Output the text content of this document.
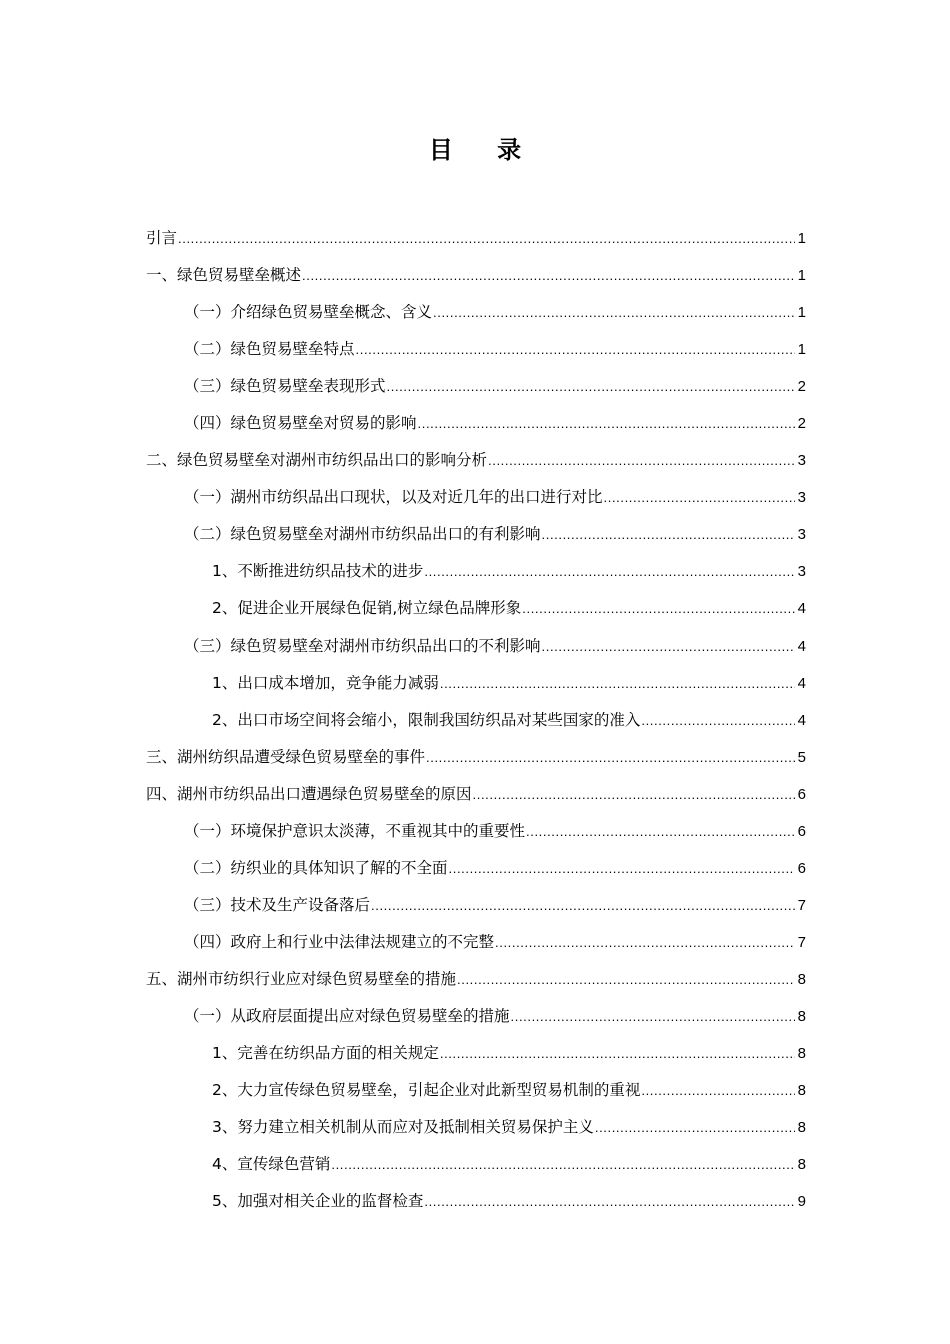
目 录
引言 .....	1
一、绿色贸易壁垒概述 .....	1
（一）介绍绿色贸易壁垒概念、含义 .....	1
（二）绿色贸易壁垒特点 .....	1
（三）绿色贸易壁垒表现形式 .....	2
（四）绿色贸易壁垒对贸易的影响 .....	2
二、绿色贸易壁垒对湖州市纺织品出口的影响分析 .....	3
（一）湖州市纺织品出口现状，以及对近几年的出口进行对比 .....	3
（二）绿色贸易壁垒对湖州市纺织品出口的有利影响 .....	3
1、不断推进纺织品技术的进步 .....	3
2、促进企业开展绿色促销,树立绿色品牌形象 .....	4
（三）绿色贸易壁垒对湖州市纺织品出口的不利影响 .....	4
1、出口成本增加，竞争能力减弱 .....	4
2、出口市场空间将会缩小，限制我国纺织品对某些国家的准入 .....	4
三、湖州纺织品遭受绿色贸易壁垒的事件 .....	5
四、湖州市纺织品出口遭遇绿色贸易壁垒的原因 .....	6
（一）环境保护意识太淡薄，不重视其中的重要性 .....	6
（二）纺织业的具体知识了解的不全面 .....	6
（三）技术及生产设备落后 .....	7
（四）政府上和行业中法律法规建立的不完整 .....	7
五、湖州市纺织行业应对绿色贸易壁垒的措施 .....	8
（一）从政府层面提出应对绿色贸易壁垒的措施 .....	8
1、完善在纺织品方面的相关规定 .....	8
2、大力宣传绿色贸易壁垒，引起企业对此新型贸易机制的重视 .....	8
3、努力建立相关机制从而应对及抵制相关贸易保护主义 .....	8
4、宣传绿色营销 .....	8
5、加强对相关企业的监督检查 .....	9
